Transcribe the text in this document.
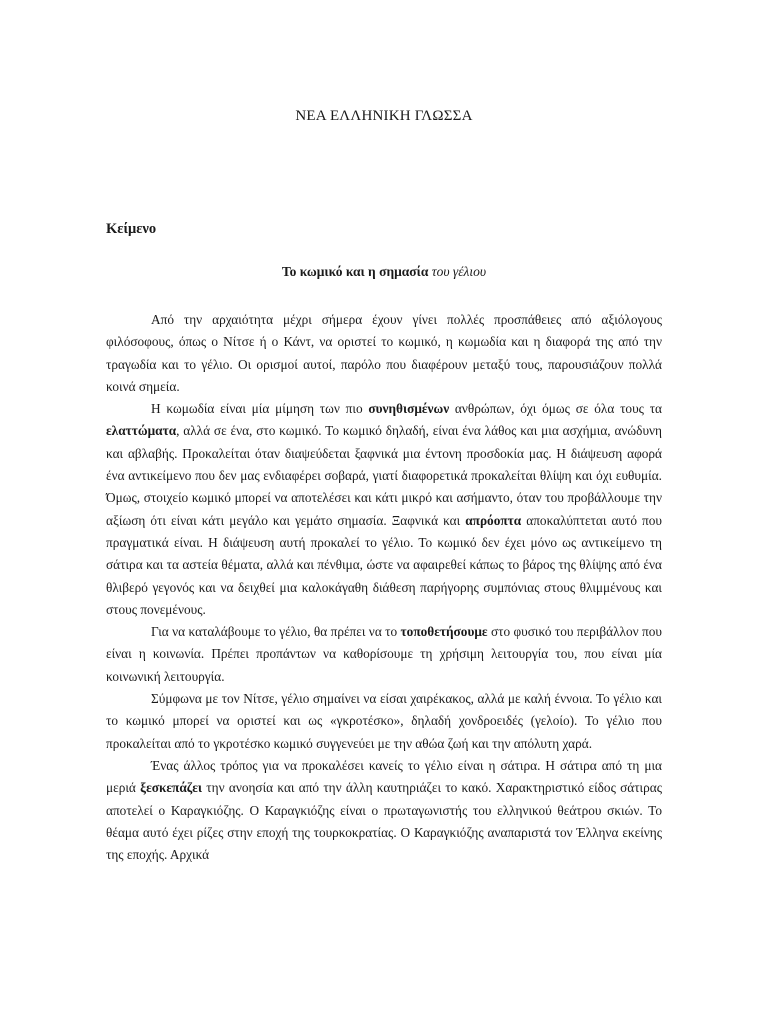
ΝΕΑ ΕΛΛΗΝΙΚΗ ΓΛΩΣΣΑ
Κείμενο
Το κωμικό και η σημασία του γέλιου

Από την αρχαιότητα μέχρι σήμερα έχουν γίνει πολλές προσπάθειες από αξιόλογους φιλόσοφους, όπως ο Νίτσε ή ο Κάντ, να οριστεί το κωμικό, η κωμωδία και η διαφορά της από την τραγωδία και το γέλιο. Οι ορισμοί αυτοί, παρόλο που διαφέρουν μεταξύ τους, παρουσιάζουν πολλά κοινά σημεία.

Η κωμωδία είναι μία μίμηση των πιο συνηθισμένων ανθρώπων, όχι όμως σε όλα τους τα ελαττώματα, αλλά σε ένα, στο κωμικό. Το κωμικό δηλαδή, είναι ένα λάθος και μια ασχήμια, ανώδυνη και αβλαβής. Προκαλείται όταν διαψεύδεται ξαφνικά μια έντονη προσδοκία μας. Η διάψευση αφορά ένα αντικείμενο που δεν μας ενδιαφέρει σοβαρά, γιατί διαφορετικά προκαλείται θλίψη και όχι ευθυμία. Όμως, στοιχείο κωμικό μπορεί να αποτελέσει και κάτι μικρό και ασήμαντο, όταν του προβάλλουμε την αξίωση ότι είναι κάτι μεγάλο και γεμάτο σημασία. Ξαφνικά και απρόοπτα αποκαλύπτεται αυτό που πραγματικά είναι. Η διάψευση αυτή προκαλεί το γέλιο. Το κωμικό δεν έχει μόνο ως αντικείμενο τη σάτιρα και τα αστεία θέματα, αλλά και πένθιμα, ώστε να αφαιρεθεί κάπως το βάρος της θλίψης από ένα θλιβερό γεγονός και να δειχθεί μια καλοκάγαθη διάθεση παρήγορης συμπόνιας στους θλιμμένους και στους πονεμένους.

Για να καταλάβουμε το γέλιο, θα πρέπει να το τοποθετήσουμε στο φυσικό του περιβάλλον που είναι η κοινωνία. Πρέπει προπάντων να καθορίσουμε τη χρήσιμη λειτουργία του, που είναι μία κοινωνική λειτουργία.

Σύμφωνα με τον Νίτσε, γέλιο σημαίνει να είσαι χαιρέκακος, αλλά με καλή έννοια. Το γέλιο και το κωμικό μπορεί να οριστεί και ως «γκροτέσκο», δηλαδή χονδροειδές (γελοίο). Το γέλιο που προκαλείται από το γκροτέσκο κωμικό συγγενεύει με την αθώα ζωή και την απόλυτη χαρά.

Ένας άλλος τρόπος για να προκαλέσει κανείς το γέλιο είναι η σάτιρα. Η σάτιρα από τη μια μεριά ξεσκεπάζει την ανοησία και από την άλλη καυτηριάζει το κακό. Χαρακτηριστικό είδος σάτιρας αποτελεί ο Καραγκιόζης. Ο Καραγκιόζης είναι ο πρωταγωνιστής του ελληνικού θεάτρου σκιών. Το θέαμα αυτό έχει ρίζες στην εποχή της τουρκοκρατίας. Ο Καραγκιόζης αναπαριστά τον Έλληνα εκείνης της εποχής. Αρχικά
